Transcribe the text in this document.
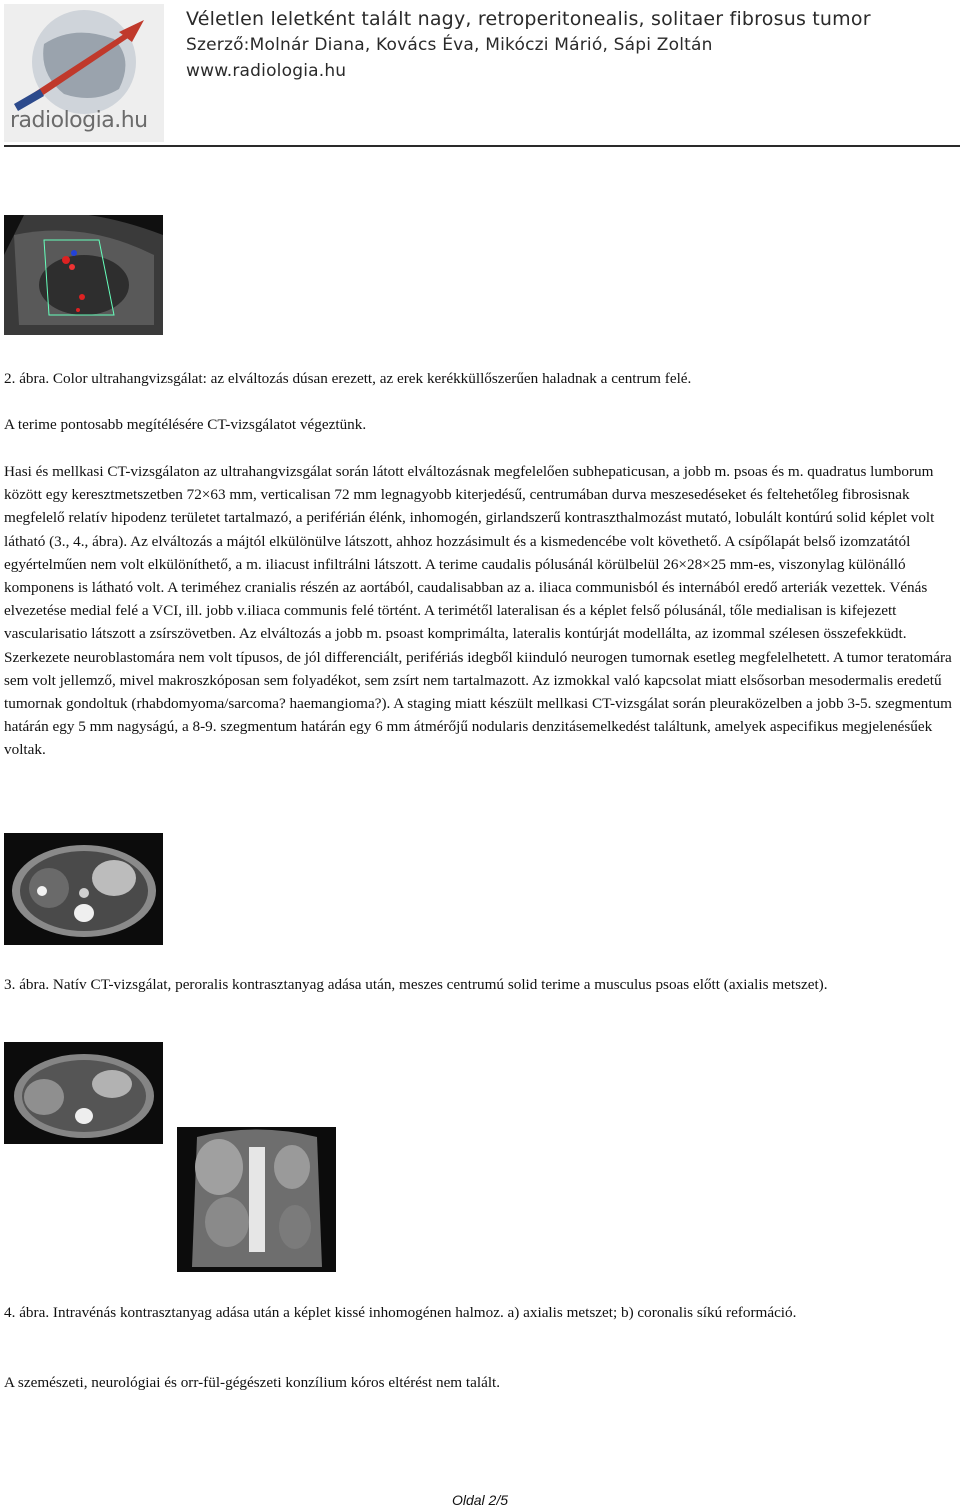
radiologia.hu
Véletlen leletként talált nagy, retroperitonealis, solitaer fibrosus tumor
Szerző:Molnár Diana, Kovács Éva, Mikóczi Márió, Sápi Zoltán
www.radiologia.hu
2. ábra. Color ultrahangvizsgálat: az elváltozás dúsan erezett, az erek kerékküllőszerűen haladnak a centrum felé.
A terime pontosabb megítélésére CT-vizsgálatot végeztünk.
Hasi és mellkasi CT-vizsgálaton az ultrahangvizsgálat során látott elváltozásnak megfelelően subhepaticusan, a jobb m. psoas és m. quadratus lumborum között egy keresztmetszetben 72×63 mm, verticalisan 72 mm legnagyobb kiterjedésű, centrumában durva meszesedéseket és feltehetőleg fibrosisnak megfelelő relatív hipodenz területet tartalmazó, a periférián élénk, inhomogén, girlandszerű kontraszthalmozást mutató, lobulált kontúrú solid képlet volt látható (3., 4., ábra). Az elváltozás a májtól elkülönülve látszott, ahhoz hozzásimult és a kismedencébe volt követhető. A csípőlapát belső izomzatától egyértelműen nem volt elkülöníthető, a m. iliacust infiltrálni látszott. A terime caudalis pólusánál körülbelül 26×28×25 mm-es, viszonylag különálló komponens is látható volt. A teriméhez cranialis részén az aortából, caudalisabban az a. iliaca communisból és internából eredő arteriák vezettek. Vénás elvezetése medial felé a VCI, ill. jobb v.iliaca communis felé történt. A terimétől lateralisan és a képlet felső pólusánál, tőle medialisan is kifejezett vascularisatio látszott a zsírszövetben. Az elváltozás a jobb m. psoast komprimálta, lateralis kontúrját modellálta, az izommal szélesen összefekküdt. Szerkezete neuroblastomára nem volt típusos, de jól differenciált, perifériás idegből kiinduló neurogen tumornak esetleg megfelelhetett. A tumor teratomára sem volt jellemző, mivel makroszkóposan sem folyadékot, sem zsírt nem tartalmazott. Az izmokkal való kapcsolat miatt elsősorban mesodermalis eredetű tumornak gondoltuk (rhabdomyoma/sarcoma? haemangioma?). A staging miatt készült mellkasi CT-vizsgálat során pleuraközelben a jobb 3-5. szegmentum határán egy 5 mm nagyságú, a 8-9. szegmentum határán egy 6 mm átmérőjű nodularis denzitásemelkedést találtunk, amelyek aspecifikus megjelenésűek voltak.
3. ábra. Natív CT-vizsgálat, peroralis kontrasztanyag adása után, meszes centrumú solid terime a musculus psoas előtt (axialis metszet).
4. ábra. Intravénás kontrasztanyag adása után a képlet kissé inhomogénen halmoz. a) axialis metszet; b) coronalis síkú reformáció.
A szemészeti, neurológiai és orr-fül-gégészeti konzílium kóros eltérést nem talált.
Oldal 2/5
